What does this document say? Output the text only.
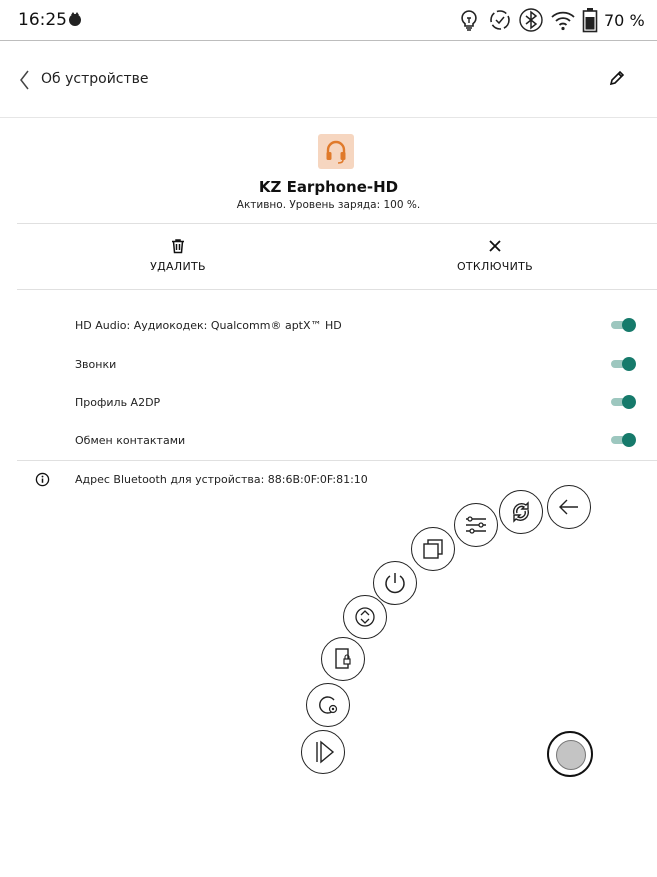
16:25	70 %
Об устройстве
KZ Earphone-HD
Активно. Уровень заряда: 100 %.
УДАЛИТЬ	ОТКЛЮЧИТЬ
HD Audio: Аудиокодек: Qualcomm® aptX™ HD
Звонки
Профиль A2DP
Обмен контактами
Адрес Bluetooth для устройства: 88:6B:0F:0F:81:10
